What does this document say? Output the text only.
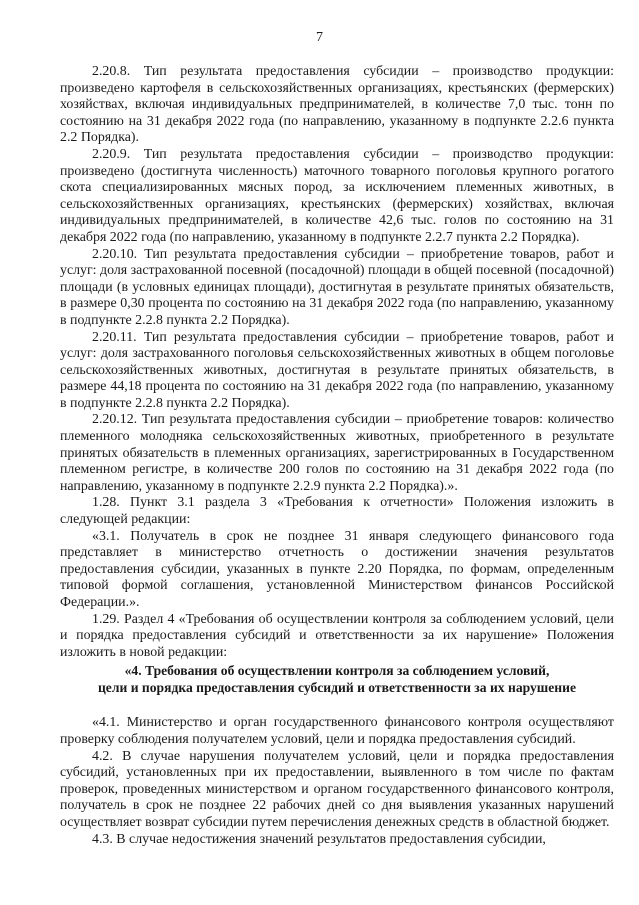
7

2.20.8. Тип результата предоставления субсидии – производство продукции: произведено картофеля в сельскохозяйственных организациях, крестьянских (фермерских) хозяйствах, включая индивидуальных предпринимателей, в количестве 7,0 тыс. тонн по состоянию на 31 декабря 2022 года (по направлению, указанному в подпункте 2.2.6 пункта 2.2 Порядка).

2.20.9. Тип результата предоставления субсидии – производство продукции: произведено (достигнута численность) маточного товарного поголовья крупного рогатого скота специализированных мясных пород, за исключением племенных животных, в сельскохозяйственных организациях, крестьянских (фермерских) хозяйствах, включая индивидуальных предпринимателей, в количестве 42,6 тыс. голов по состоянию на 31 декабря 2022 года (по направлению, указанному в подпункте 2.2.7 пункта 2.2 Порядка).

2.20.10. Тип результата предоставления субсидии – приобретение товаров, работ и услуг: доля застрахованной посевной (посадочной) площади в общей посевной (посадочной) площади (в условных единицах площади), достигнутая в результате принятых обязательств, в размере 0,30 процента по состоянию на 31 декабря 2022 года (по направлению, указанному в подпункте 2.2.8 пункта 2.2 Порядка).

2.20.11. Тип результата предоставления субсидии – приобретение товаров, работ и услуг: доля застрахованного поголовья сельскохозяйственных животных в общем поголовье сельскохозяйственных животных, достигнутая в результате принятых обязательств, в размере 44,18 процента по состоянию на 31 декабря 2022 года (по направлению, указанному в подпункте 2.2.8 пункта 2.2 Порядка).

2.20.12. Тип результата предоставления субсидии – приобретение товаров: количество племенного молодняка сельскохозяйственных животных, приобретенного в результате принятых обязательств в племенных организациях, зарегистрированных в Государственном племенном регистре, в количестве 200 голов по состоянию на 31 декабря 2022 года (по направлению, указанному в подпункте 2.2.9 пункта 2.2 Порядка).».

1.28. Пункт 3.1 раздела 3 «Требования к отчетности» Положения изложить в следующей редакции:

«3.1. Получатель в срок не позднее 31 января следующего финансового года представляет в министерство отчетность о достижении значения результатов предоставления субсидии, указанных в пункте 2.20 Порядка, по формам, определенным типовой формой соглашения, установленной Министерством финансов Российской Федерации.».

1.29. Раздел 4 «Требования об осуществлении контроля за соблюдением условий, цели и порядка предоставления субсидий и ответственности за их нарушение» Положения изложить в новой редакции:

«4. Требования об осуществлении контроля за соблюдением условий,

цели и порядка предоставления субсидий и ответственности за их нарушение

«4.1. Министерство и орган государственного финансового контроля осуществляют проверку соблюдения получателем условий, цели и порядка предоставления субсидий.

4.2. В случае нарушения получателем условий, цели и порядка предоставления субсидий, установленных при их предоставлении, выявленного в том числе по фактам проверок, проведенных министерством и органом государственного финансового контроля, получатель в срок не позднее 22 рабочих дней со дня выявления указанных нарушений осуществляет возврат субсидии путем перечисления денежных средств в областной бюджет.

4.3. В случае недостижения значений результатов предоставления субсидии,
